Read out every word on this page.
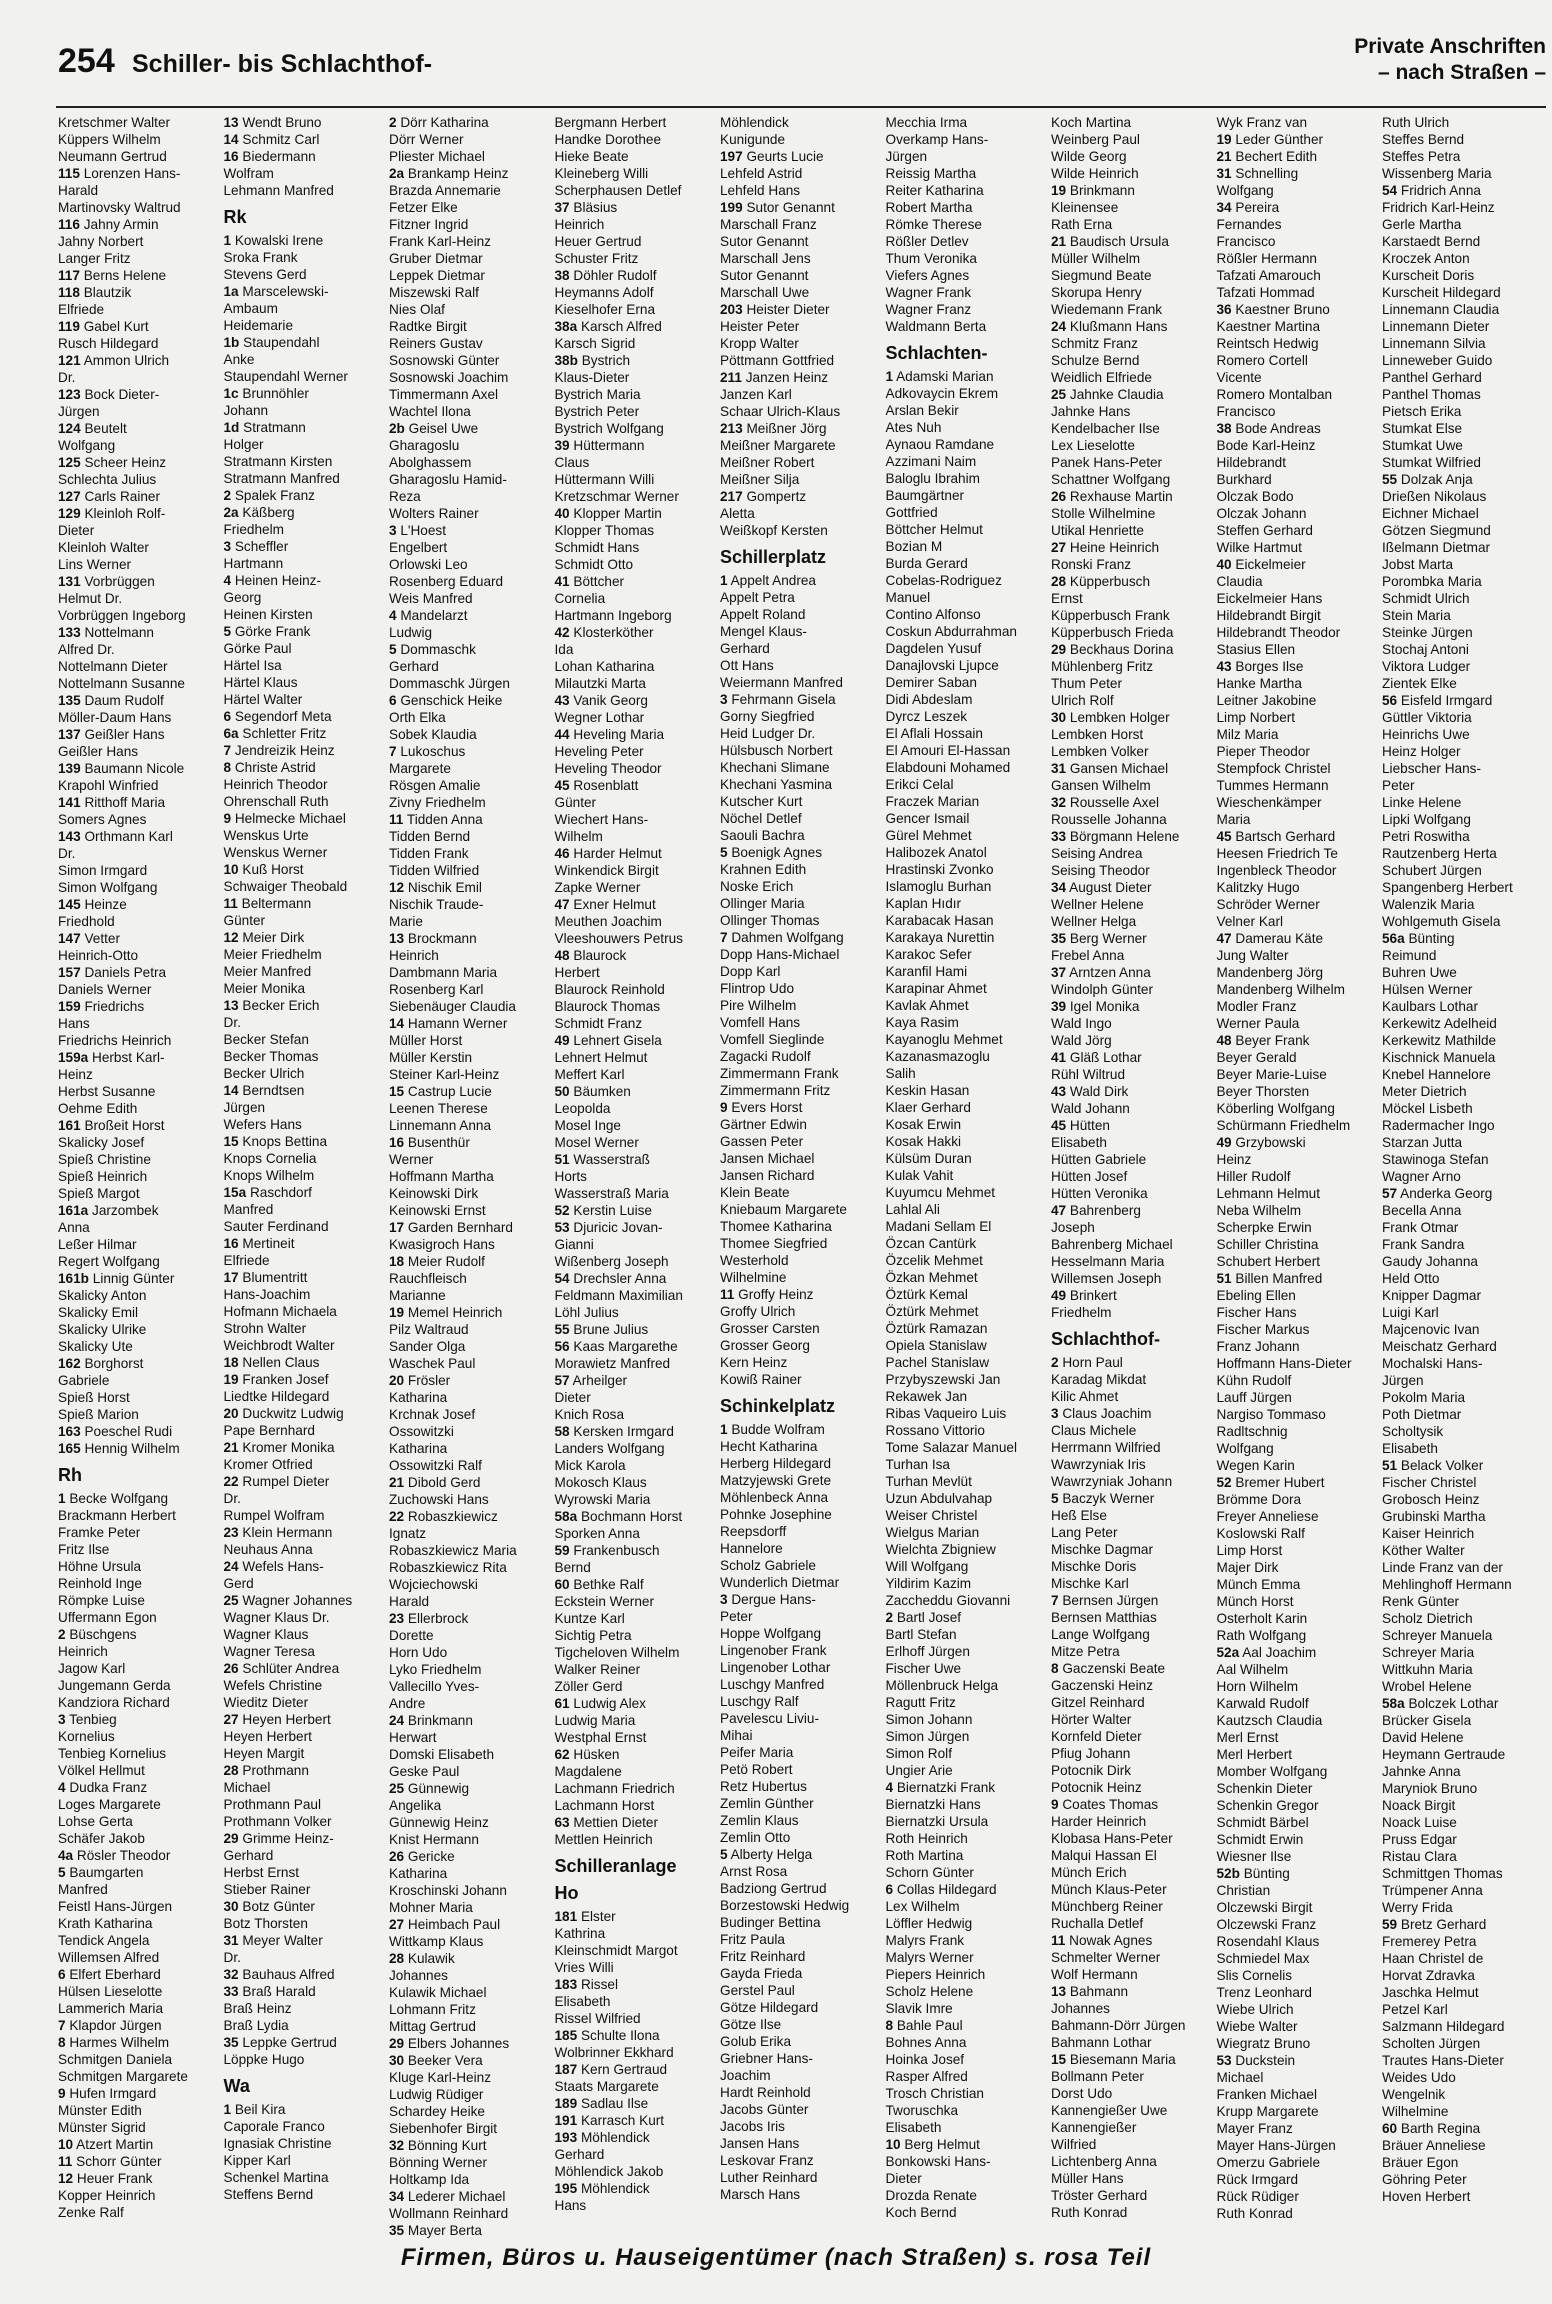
254 Schiller- bis Schlachthof-
Private Anschriften
– nach Straßen –
Kretschmer Walter
Küppers Wilhelm
Neumann Gertrud
115 Lorenzen Hans-
Harald
Martinovsky Waltrud
116 Jahny Armin
Jahny Norbert
Langer Fritz
117 Berns Helene
118 Blautzik
Elfriede
119 Gabel Kurt
Rusch Hildegard
121 Ammon Ulrich
Dr.
123 Bock Dieter-
Jürgen
124 Beutelt
Wolfgang
125 Scheer Heinz
Schlechta Julius
127 Carls Rainer
129 Kleinloh Rolf-
Dieter
Kleinloh Walter
Lins Werner
131 Vorbrüggen
Helmut Dr.
Vorbrüggen Ingeborg
133 Nottelmann
Alfred Dr.
Nottelmann Dieter
Nottelmann Susanne
135 Daum Rudolf
Möller-Daum Hans
137 Geißler Hans
Geißler Hans
139 Baumann Nicole
Krapohl Winfried
141 Ritthoff Maria
Somers Agnes
143 Orthmann Karl
Dr.
Simon Irmgard
Simon Wolfgang
145 Heinze
Friedhold
147 Vetter
Heinrich-Otto
157 Daniels Petra
Daniels Werner
159 Friedrichs
Hans
Friedrichs Heinrich
159a Herbst Karl-
Heinz
Herbst Susanne
Oehme Edith
161 Broßeit Horst
Skalicky Josef
Spieß Christine
Spieß Heinrich
Spieß Margot
161a Jarzombek
Anna
Leßer Hilmar
Regert Wolfgang
161b Linnig Günter
Skalicky Anton
Skalicky Emil
Skalicky Ulrike
Skalicky Ute
162 Borghorst
Gabriele
Spieß Horst
Spieß Marion
163 Poeschel Rudi
165 Hennig Wilhelm
Rh
1 Becke Wolfgang
Brackmann Herbert
Framke Peter
Fritz Ilse
Höhne Ursula
Reinhold Inge
Römpke Luise
Uffermann Egon
2 Büschgens
Heinrich
Jagow Karl
Jungemann Gerda
Kandziora Richard
3 Tenbieg
Kornelius
Tenbieg Kornelius
Völkel Hellmut
4 Dudka Franz
Loges Margarete
Lohse Gerta
Schäfer Jakob
4a Rösler Theodor
5 Baumgarten
Manfred
Feistl Hans-Jürgen
Krath Katharina
Tendick Angela
Willemsen Alfred
6 Elfert Eberhard
Hülsen Lieselotte
Lammerich Maria
7 Klapdor Jürgen
8 Harmes Wilhelm
Schmitgen Daniela
Schmitgen Margarete
9 Hufen Irmgard
Münster Edith
Münster Sigrid
10 Atzert Martin
11 Schorr Günter
12 Heuer Frank
Kopper Heinrich
Zenke Ralf
13 Wendt Bruno
14 Schmitz Carl
16 Biedermann
Wolfram
Lehmann Manfred
Rk
1 Kowalski Irene
Sroka Frank
Stevens Gerd
1a Marscelewski-
Ambaum
Heidemarie
1b Staupendahl
Anke
Staupendahl Werner
1c Brunnöhler
Johann
1d Stratmann
Holger
Stratmann Kirsten
Stratmann Manfred
2 Spalek Franz
2a Käßberg
Friedhelm
3 Scheffler
Hartmann
4 Heinen Heinz-
Georg
Heinen Kirsten
5 Görke Frank
Görke Paul
Härtel Isa
Härtel Klaus
Härtel Walter
6 Segendorf Meta
6a Schletter Fritz
7 Jendreizik Heinz
8 Christe Astrid
Heinrich Theodor
Ohrenschall Ruth
9 Helmecke Michael
Wenskus Urte
Wenskus Werner
10 Kuß Horst
Schwaiger Theobald
11 Beltermann
Günter
12 Meier Dirk
Meier Friedhelm
Meier Manfred
Meier Monika
13 Becker Erich
Dr.
Becker Stefan
Becker Thomas
Becker Ulrich
14 Berndtsen
Jürgen
Wefers Hans
15 Knops Bettina
Knops Cornelia
Knops Wilhelm
15a Raschdorf
Manfred
Sauter Ferdinand
16 Mertineit
Elfriede
17 Blumentritt
Hans-Joachim
Hofmann Michaela
Strohn Walter
Weichbrodt Walter
18 Nellen Claus
19 Franken Josef
Liedtke Hildegard
20 Duckwitz Ludwig
Pape Bernhard
21 Kromer Monika
Kromer Otfried
22 Rumpel Dieter
Dr.
Rumpel Wolfram
23 Klein Hermann
Neuhaus Anna
24 Wefels Hans-
Gerd
25 Wagner Johannes
Wagner Klaus Dr.
Wagner Klaus
Wagner Teresa
26 Schlüter Andrea
Wefels Christine
Wieditz Dieter
27 Heyen Herbert
Heyen Herbert
Heyen Margit
28 Prothmann
Michael
Prothmann Paul
Prothmann Volker
29 Grimme Heinz-
Gerhard
Herbst Ernst
Stieber Rainer
30 Botz Günter
Botz Thorsten
31 Meyer Walter
Dr.
32 Bauhaus Alfred
33 Braß Harald
Braß Heinz
Braß Lydia
35 Leppke Gertrud
Löppke Hugo
Wa
1 Beil Kira
Caporale Franco
Ignasiak Christine
Kipper Karl
Schenkel Martina
Steffens Bernd
2 Dörr Katharina
Dörr Werner
Pliester Michael
2a Brankamp Heinz
Brazda Annemarie
Fetzer Elke
Fitzner Ingrid
Frank Karl-Heinz
Gruber Dietmar
Leppek Dietmar
Miszewski Ralf
Nies Olaf
Radtke Birgit
Reiners Gustav
Sosnowski Günter
Sosnowski Joachim
Timmermann Axel
Wachtel Ilona
2b Geisel Uwe
Gharagoslu
Abolghassem
Gharagoslu Hamid-
Reza
Wolters Rainer
3 L'Hoest
Engelbert
Orlowski Leo
Rosenberg Eduard
Weis Manfred
4 Mandelarzt
Ludwig
5 Dommaschk
Gerhard
Dommaschk Jürgen
6 Genschick Heike
Orth Elka
Sobek Klaudia
7 Lukoschus
Margarete
Rösgen Amalie
Zivny Friedhelm
11 Tidden Anna
Tidden Bernd
Tidden Frank
Tidden Wilfried
12 Nischik Emil
Nischik Traude-
Marie
13 Brockmann
Heinrich
Dambmann Maria
Rosenberg Karl
Siebenäuger Claudia
14 Hamann Werner
Müller Horst
Müller Kerstin
Steiner Karl-Heinz
15 Castrup Lucie
Leenen Therese
Linnemann Anna
16 Busenthür
Werner
Hoffmann Martha
Keinowski Dirk
Keinowski Ernst
17 Garden Bernhard
Kwasigroch Hans
18 Meier Rudolf
Rauchfleisch
Marianne
19 Memel Heinrich
Pilz Waltraud
Sander Olga
Waschek Paul
20 Frösler
Katharina
Krchnak Josef
Ossowitzki
Katharina
Ossowitzki Ralf
21 Dibold Gerd
Zuchowski Hans
22 Robaszkiewicz
Ignatz
Robaszkiewicz Maria
Robaszkiewicz Rita
Wojciechowski
Harald
23 Ellerbrock
Dorette
Horn Udo
Lyko Friedhelm
Vallecillo Yves-
Andre
24 Brinkmann
Herwart
Domski Elisabeth
Geske Paul
25 Günnewig
Angelika
Günnewig Heinz
Knist Hermann
26 Gericke
Katharina
Kroschinski Johann
Mohner Maria
27 Heimbach Paul
Wittkamp Klaus
28 Kulawik
Johannes
Kulawik Michael
Lohmann Fritz
Mittag Gertrud
29 Elbers Johannes
30 Beeker Vera
Kluge Karl-Heinz
Ludwig Rüdiger
Schardey Heike
Siebenhofer Birgit
32 Bönning Kurt
Bönning Werner
Holtkamp Ida
34 Lederer Michael
Wollmann Reinhard
35 Mayer Berta
Bergmann Herbert
Handke Dorothee
Hieke Beate
Kleineberg Willi
Scherphausen Detlef
37 Bläsius
Heinrich
Heuer Gertrud
Schuster Fritz
38 Döhler Rudolf
Heymanns Adolf
Kieselhofer Erna
38a Karsch Alfred
Karsch Sigrid
38b Bystrich
Klaus-Dieter
Bystrich Maria
Bystrich Peter
Bystrich Wolfgang
39 Hüttermann
Claus
Hüttermann Willi
Kretzschmar Werner
40 Klopper Martin
Klopper Thomas
Schmidt Hans
Schmidt Otto
41 Böttcher
Cornelia
Hartmann Ingeborg
42 Klosterköther
Ida
Lohan Katharina
Milautzki Marta
43 Vanik Georg
Wegner Lothar
44 Heveling Maria
Heveling Peter
Heveling Theodor
45 Rosenblatt
Günter
Wiechert Hans-
Wilhelm
46 Harder Helmut
Winkendick Birgit
Zapke Werner
47 Exner Helmut
Meuthen Joachim
Vleeshouwers Petrus
48 Blaurock
Herbert
Blaurock Reinhold
Blaurock Thomas
Schmidt Franz
49 Lehnert Gisela
Lehnert Helmut
Meffert Karl
50 Bäumken
Leopolda
Mosel Inge
Mosel Werner
51 Wasserstraß
Horts
Wasserstraß Maria
52 Kerstin Luise
53 Djuricic Jovan-
Gianni
Wißenberg Joseph
54 Drechsler Anna
Feldmann Maximilian
Löhl Julius
55 Brune Julius
56 Kaas Margarethe
Morawietz Manfred
57 Arheilger
Dieter
Knich Rosa
58 Kersken Irmgard
Landers Wolfgang
Mick Karola
Mokosch Klaus
Wyrowski Maria
58a Bochmann Horst
Sporken Anna
59 Frankenbusch
Bernd
60 Bethke Ralf
Eckstein Werner
Kuntze Karl
Sichtig Petra
Tigcheloven Wilhelm
Walker Reiner
Zöller Gerd
61 Ludwig Alex
Ludwig Maria
Westphal Ernst
62 Hüsken
Magdalene
Lachmann Friedrich
Lachmann Horst
63 Mettien Dieter
Mettlen Heinrich
Schilleranlage
Ho
181 Elster
Kathrina
Kleinschmidt Margot
Vries Willi
183 Rissel
Elisabeth
Rissel Wilfried
185 Schulte Ilona
Wolbrinner Ekkhard
187 Kern Gertraud
Staats Margarete
189 Sadlau Ilse
191 Karrasch Kurt
193 Möhlendick
Gerhard
Möhlendick Jakob
195 Möhlendick
Hans
Möhlendick
Kunigunde
197 Geurts Lucie
Lehfeld Astrid
Lehfeld Hans
199 Sutor Genannt
Marschall Franz
Sutor Genannt
Marschall Jens
Sutor Genannt
Marschall Uwe
203 Heister Dieter
Heister Peter
Kropp Walter
Pöttmann Gottfried
211 Janzen Heinz
Janzen Karl
Schaar Ulrich-Klaus
213 Meißner Jörg
Meißner Margarete
Meißner Robert
Meißner Silja
217 Gompertz
Aletta
Weißkopf Kersten
Schillerplatz
1 Appelt Andrea
Appelt Petra
Appelt Roland
Mengel Klaus-
Gerhard
Ott Hans
Weiermann Manfred
3 Fehrmann Gisela
Gorny Siegfried
Heid Ludger Dr.
Hülsbusch Norbert
Khechani Slimane
Khechani Yasmina
Kutscher Kurt
Nöchel Detlef
Saouli Bachra
5 Boenigk Agnes
Krahnen Edith
Noske Erich
Ollinger Maria
Ollinger Thomas
7 Dahmen Wolfgang
Dopp Hans-Michael
Dopp Karl
Flintrop Udo
Pire Wilhelm
Vomfell Hans
Vomfell Sieglinde
Zagacki Rudolf
Zimmermann Frank
Zimmermann Fritz
9 Evers Horst
Gärtner Edwin
Gassen Peter
Jansen Michael
Jansen Richard
Klein Beate
Kniebaum Margarete
Thomee Katharina
Thomee Siegfried
Westerhold
Wilhelmine
11 Groffy Heinz
Groffy Ulrich
Grosser Carsten
Grosser Georg
Kern Heinz
Kowiß Rainer
Schinkelplatz
1 Budde Wolfram
Hecht Katharina
Herberg Hildegard
Matzyjewski Grete
Möhlenbeck Anna
Pohnke Josephine
Reepsdorff
Hannelore
Scholz Gabriele
Wunderlich Dietmar
3 Dergue Hans-
Peter
Hoppe Wolfgang
Lingenober Frank
Lingenober Lothar
Luschgy Manfred
Luschgy Ralf
Pavelescu Liviu-
Mihai
Peifer Maria
Petö Robert
Retz Hubertus
Zemlin Günther
Zemlin Klaus
Zemlin Otto
5 Alberty Helga
Arnst Rosa
Badziong Gertrud
Borzestowski Hedwig
Budinger Bettina
Fritz Paula
Fritz Reinhard
Gayda Frieda
Gerstel Paul
Götze Hildegard
Götze Ilse
Golub Erika
Griebner Hans-
Joachim
Hardt Reinhold
Jacobs Günter
Jacobs Iris
Jansen Hans
Leskovar Franz
Luther Reinhard
Marsch Hans
Mecchia Irma
Overkamp Hans-
Jürgen
Reissig Martha
Reiter Katharina
Robert Martha
Römke Therese
Rößler Detlev
Thum Veronika
Viefers Agnes
Wagner Frank
Wagner Franz
Waldmann Berta
Schlachten-
1 Adamski Marian
Adkovaycin Ekrem
Arslan Bekir
Ates Nuh
Aynaou Ramdane
Azzimani Naim
Baloglu Ibrahim
Baumgärtner
Gottfried
Böttcher Helmut
Bozian M
Burda Gerard
Cobelas-Rodriguez
Manuel
Contino Alfonso
Coskun Abdurrahman
Dagdelen Yusuf
Danajlovski Ljupce
Demirer Saban
Didi Abdeslam
Dyrcz Leszek
El Aflali Hossain
El Amouri El-Hassan
Elabdouni Mohamed
Erikci Celal
Fraczek Marian
Gencer Ismail
Gürel Mehmet
Halibozek Anatol
Hrastinski Zvonko
Islamoglu Burhan
Kaplan Hıdır
Karabacak Hasan
Karakaya Nurettin
Karakoc Sefer
Karanfil Hami
Karapinar Ahmet
Kavlak Ahmet
Kaya Rasim
Kayanoglu Mehmet
Kazanasmazoglu
Salih
Keskin Hasan
Klaer Gerhard
Kosak Erwin
Kosak Hakki
Külsüm Duran
Kulak Vahit
Kuyumcu Mehmet
Lahlal Ali
Madani Sellam El
Özcan Cantürk
Özcelik Mehmet
Özkan Mehmet
Öztürk Kemal
Öztürk Mehmet
Öztürk Ramazan
Opiela Stanislaw
Pachel Stanislaw
Przybyszewski Jan
Rekawek Jan
Ribas Vaqueiro Luis
Rossano Vittorio
Tome Salazar Manuel
Turhan Isa
Turhan Mevlüt
Uzun Abdulvahap
Weiser Christel
Wielgus Marian
Wielchta Zbigniew
Will Wolfgang
Yildirim Kazim
Zaccheddu Giovanni
2 Bartl Josef
Bartl Stefan
Erlhoff Jürgen
Fischer Uwe
Möllenbruck Helga
Ragutt Fritz
Simon Johann
Simon Jürgen
Simon Rolf
Ungier Arie
4 Biernatzki Frank
Biernatzki Hans
Biernatzki Ursula
Roth Heinrich
Roth Martina
Schorn Günter
6 Collas Hildegard
Lex Wilhelm
Löffler Hedwig
Malyrs Frank
Malyrs Werner
Piepers Heinrich
Scholz Helene
Slavik Imre
8 Bahle Paul
Bohnes Anna
Hoinka Josef
Rasper Alfred
Trosch Christian
Tworuschka
Elisabeth
10 Berg Helmut
Bonkowski Hans-
Dieter
Drozda Renate
Koch Bernd
Koch Martina
Weinberg Paul
Wilde Georg
Wilde Heinrich
19 Brinkmann
Kleinensee
Rath Erna
21 Baudisch Ursula
Müller Wilhelm
Siegmund Beate
Skorupa Henry
Wiedemann Frank
24 Klußmann Hans
Schmitz Franz
Schulze Bernd
Weidlich Elfriede
25 Jahnke Claudia
Jahnke Hans
Kendelbacher Ilse
Lex Lieselotte
Panek Hans-Peter
Schattner Wolfgang
26 Rexhause Martin
Stolle Wilhelmine
Utikal Henriette
27 Heine Heinrich
Ronski Franz
28 Küpperbusch
Ernst
Küpperbusch Frank
Küpperbusch Frieda
29 Beckhaus Dorina
Mühlenberg Fritz
Thum Peter
Ulrich Rolf
30 Lembken Holger
Lembken Horst
Lembken Volker
31 Gansen Michael
Gansen Wilhelm
32 Rousselle Axel
Rousselle Johanna
33 Börgmann Helene
Seising Andrea
Seising Theodor
34 August Dieter
Wellner Helene
Wellner Helga
35 Berg Werner
Frebel Anna
37 Arntzen Anna
Windolph Günter
39 Igel Monika
Wald Ingo
Wald Jörg
41 Gläß Lothar
Rühl Wiltrud
43 Wald Dirk
Wald Johann
45 Hütten
Elisabeth
Hütten Gabriele
Hütten Josef
Hütten Veronika
47 Bahrenberg
Joseph
Bahrenberg Michael
Hesselmann Maria
Willemsen Joseph
49 Brinkert
Friedhelm
Schlachthof-
2 Horn Paul
Karadag Mikdat
Kilic Ahmet
3 Claus Joachim
Claus Michele
Herrmann Wilfried
Wawrzyniak Iris
Wawrzyniak Johann
5 Baczyk Werner
Heß Else
Lang Peter
Mischke Dagmar
Mischke Doris
Mischke Karl
7 Bernsen Jürgen
Bernsen Matthias
Lange Wolfgang
Mitze Petra
8 Gaczenski Beate
Gaczenski Heinz
Gitzel Reinhard
Hörter Walter
Kornfeld Dieter
Pfiug Johann
Potocnik Dirk
Potocnik Heinz
9 Coates Thomas
Harder Heinrich
Klobasa Hans-Peter
Malqui Hassan El
Münch Erich
Münch Klaus-Peter
Münchberg Reiner
Ruchalla Detlef
11 Nowak Agnes
Schmelter Werner
Wolf Hermann
13 Bahmann
Johannes
Bahmann-Dörr Jürgen
Bahmann Lothar
15 Biesemann Maria
Bollmann Peter
Dorst Udo
Kannengießer Uwe
Kannengießer
Wilfried
Lichtenberg Anna
Müller Hans
Tröster Gerhard
Ruth Konrad
Wyk Franz van
19 Leder Günther
21 Bechert Edith
31 Schnelling
Wolfgang
34 Pereira
Fernandes
Francisco
Rößler Hermann
Tafzati Amarouch
Tafzati Hommad
36 Kaestner Bruno
Kaestner Martina
Reintsch Hedwig
Romero Cortell
Vicente
Romero Montalban
Francisco
38 Bode Andreas
Bode Karl-Heinz
Hildebrandt
Burkhard
Olczak Bodo
Olczak Johann
Steffen Gerhard
Wilke Hartmut
40 Eickelmeier
Claudia
Eickelmeier Hans
Hildebrandt Birgit
Hildebrandt Theodor
Stasius Ellen
43 Borges Ilse
Hanke Martha
Leitner Jakobine
Limp Norbert
Milz Maria
Pieper Theodor
Stempfock Christel
Tummes Hermann
Wieschenkämper
Maria
45 Bartsch Gerhard
Heesen Friedrich Te
Ingenbleck Theodor
Kalitzky Hugo
Schröder Werner
Velner Karl
47 Damerau Käte
Jung Walter
Mandenberg Jörg
Mandenberg Wilhelm
Modler Franz
Werner Paula
48 Beyer Frank
Beyer Gerald
Beyer Marie-Luise
Beyer Thorsten
Köberling Wolfgang
Schürmann Friedhelm
49 Grzybowski
Heinz
Hiller Rudolf
Lehmann Helmut
Neba Wilhelm
Scherpke Erwin
Schiller Christina
Schubert Herbert
51 Billen Manfred
Ebeling Ellen
Fischer Hans
Fischer Markus
Franz Johann
Hoffmann Hans-Dieter
Kühn Rudolf
Lauff Jürgen
Nargiso Tommaso
Radltschnig
Wolfgang
Wegen Karin
52 Bremer Hubert
Brömme Dora
Freyer Anneliese
Koslowski Ralf
Limp Horst
Majer Dirk
Münch Emma
Münch Horst
Osterholt Karin
Rath Wolfgang
52a Aal Joachim
Aal Wilhelm
Horn Wilhelm
Karwald Rudolf
Kautzsch Claudia
Merl Ernst
Merl Herbert
Momber Wolfgang
Schenkin Dieter
Schenkin Gregor
Schmidt Bärbel
Schmidt Erwin
Wiesner Ilse
52b Bünting
Christian
Olczewski Birgit
Olczewski Franz
Rosendahl Klaus
Schmiedel Max
Slis Cornelis
Trenz Leonhard
Wiebe Ulrich
Wiebe Walter
Wiegratz Bruno
53 Duckstein
Michael
Franken Michael
Krupp Margarete
Mayer Franz
Mayer Hans-Jürgen
Omerzu Gabriele
Rück Irmgard
Rück Rüdiger
Ruth Konrad
Ruth Ulrich
Steffes Bernd
Steffes Petra
Wissenberg Maria
54 Fridrich Anna
Fridrich Karl-Heinz
Gerle Martha
Karstaedt Bernd
Kroczek Anton
Kurscheit Doris
Kurscheit Hildegard
Linnemann Claudia
Linnemann Dieter
Linnemann Silvia
Linneweber Guido
Panthel Gerhard
Panthel Thomas
Pietsch Erika
Stumkat Else
Stumkat Uwe
Stumkat Wilfried
55 Dolzak Anja
Drießen Nikolaus
Eichner Michael
Götzen Siegmund
Ißelmann Dietmar
Jobst Marta
Porombka Maria
Schmidt Ulrich
Stein Maria
Steinke Jürgen
Stochaj Antoni
Viktora Ludger
Zientek Elke
56 Eisfeld Irmgard
Güttler Viktoria
Heinrichs Uwe
Heinz Holger
Liebscher Hans-
Peter
Linke Helene
Lipki Wolfgang
Petri Roswitha
Rautzenberg Herta
Schubert Jürgen
Spangenberg Herbert
Walenzik Maria
Wohlgemuth Gisela
56a Bünting
Reimund
Buhren Uwe
Hülsen Werner
Kaulbars Lothar
Kerkewitz Adelheid
Kerkewitz Mathilde
Kischnick Manuela
Knebel Hannelore
Meter Dietrich
Möckel Lisbeth
Radermacher Ingo
Starzan Jutta
Stawinoga Stefan
Wagner Arno
57 Anderka Georg
Becella Anna
Frank Otmar
Frank Sandra
Gaudy Johanna
Held Otto
Knipper Dagmar
Luigi Karl
Majcenovic Ivan
Meischatz Gerhard
Mochalski Hans-
Jürgen
Pokolm Maria
Poth Dietmar
Scholtysik
Elisabeth
51 Belack Volker
Fischer Christel
Grobosch Heinz
Grubinski Martha
Kaiser Heinrich
Köther Walter
Linde Franz van der
Mehlinghoff Hermann
Renk Günter
Scholz Dietrich
Schreyer Manuela
Schreyer Maria
Wittkuhn Maria
Wrobel Helene
58a Bolczek Lothar
Brücker Gisela
David Helene
Heymann Gertraude
Jahnke Anna
Maryniok Bruno
Noack Birgit
Noack Luise
Pruss Edgar
Ristau Clara
Schmittgen Thomas
Trümpener Anna
Werry Frida
59 Bretz Gerhard
Fremerey Petra
Haan Christel de
Horvat Zdravka
Jaschka Helmut
Petzel Karl
Salzmann Hildegard
Scholten Jürgen
Trautes Hans-Dieter
Weides Udo
Wengelnik
Wilhelmine
60 Barth Regina
Bräuer Anneliese
Bräuer Egon
Göhring Peter
Hoven Herbert
Firmen, Büros u. Hauseigentümer (nach Straßen) s. rosa Teil
